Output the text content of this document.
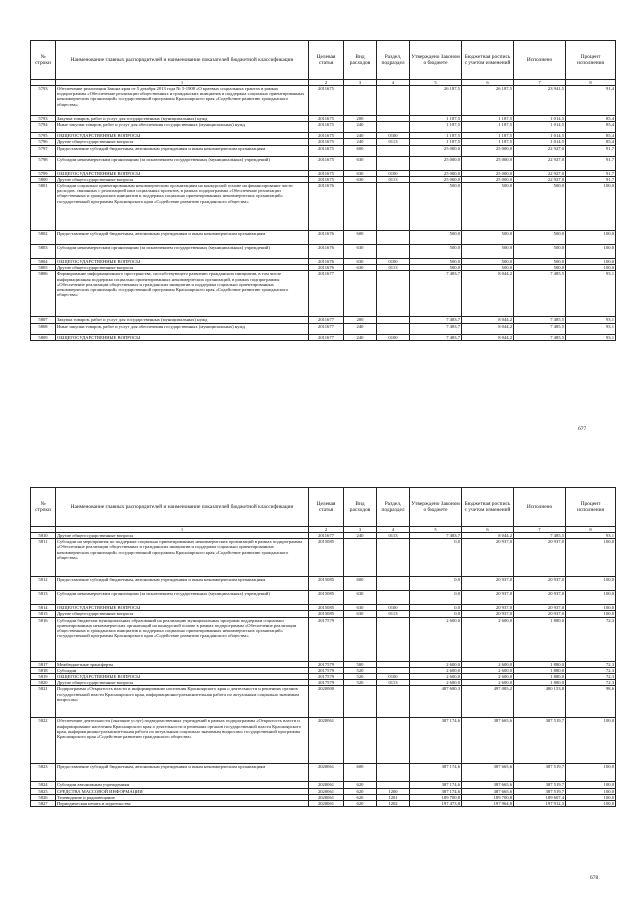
№ строки	Наименование главных распорядителей и наименование показателей бюджетной классификации	Целевая статья	Вид расходов	Раздел, подраздел	Утверждено Законом о бюджете	Бюджетная роспись с учетом изменений	Исполнено	Процент исполнения
	1	2	3	4	5	6	7	8
5793	Обеспечение реализации Закона края от 5 декабря 2013 года № 5-1908 «О краевых социальных грантах в рамках подпрограммы «Обеспечение реализации общественных и гражданских инициатив и поддержка социально ориентированных некоммерческих организаций» государственной программы Красноярского края «Содействие развитию гражданского общества»	2011675			26 187,5	26 187,5	23 941,5	91,4
5793	Закупка товаров, работ и услуг для государственных (муниципальных) нужд	2011675	200		1 187,5	1 187,5	1 014,5	85,4
5794	Иные закупки товаров, работ и услуг для обеспечения государственных (муниципальных) нужд	2011675	240		1 187,5	1 187,5	1 014,5	85,4
5795	ОБЩЕГОСУДАРСТВЕННЫЕ ВОПРОСЫ	2011675	240	0100	1 187,5	1 187,5	1 014,5	85,4
5796	Другие общегосударственные вопросы	2011675	240	0113	1 187,5	1 187,5	1 014,5	85,4
5797	Предоставление субсидий бюджетным, автономным учреждениям и иным некоммерческим организациям	2011675	600		25 000,0	25 000,0	22 927,0	91,7
5798	Субсидии некоммерческим организациям (за исключением государственных (муниципальных) учреждений)	2011675	630		25 000,0	25 000,0	22 927,0	91,7
5799	ОБЩЕГОСУДАРСТВЕННЫЕ ВОПРОСЫ	2011675	630	0100	25 000,0	25 000,0	22 927,0	91,7
5800	Другие общегосударственные вопросы	2011675	630	0113	25 000,0	25 000,0	22 927,0	91,7
5801	Субсидии социально ориентированным некоммерческим организациям на конкурсной основе на финансирование части расходов, связанных с реализацией ими социальных проектов, в рамках подпрограммы «Обеспечение реализации общественных и гражданских инициатив и поддержка социально ориентированных некоммерческих организаций» государственной программы Красноярского края «Содействие развитию гражданского общества»	2011676			500,0	500,0	500,0	100,0
5802	Предоставление субсидий бюджетным, автономным учреждениям и иным некоммерческим организациям	2011676	600		500,0	500,0	500,0	100,0
5803	Субсидии некоммерческим организациям (за исключением государственных (муниципальных) учреждений)	2011676	630		500,0	500,0	500,0	100,0
5804	ОБЩЕГОСУДАРСТВЕННЫЕ ВОПРОСЫ	2011676	630	0100	500,0	500,0	500,0	100,0
5805	Другие общегосударственные вопросы	2011676	630	0113	500,0	500,0	500,0	100,0
5806	Формирование информационного пространства, способствующего развитию гражданских инициатив, в том числе информационная поддержка социально ориентированных некоммерческих организаций, в рамках подпрограммы «Обеспечение реализации общественных и гражданских инициатив и поддержка социально ориентированных некоммерческих организаций» государственной программы Красноярского края «Содействие развитию гражданского общества»	2011677			7 483,7	8 044,2	7 485,5	93,1
5807	Закупка товаров, работ и услуг для государственных (муниципальных) нужд	2011677	200		7 483,7	8 044,2	7 485,5	93,1
5808	Иные закупки товаров, работ и услуг для обеспечения государственных (муниципальных) нужд	2011677	240		7 483,7	8 044,2	7 485,5	93,1
5809	ОБЩЕГОСУДАРСТВЕННЫЕ ВОПРОСЫ	2011677	240	0100	7 483,7	8 044,2	7 485,5	93,1
677
№ строки	Наименование главных распорядителей и наименование показателей бюджетной классификации	Целевая статья	Вид расходов	Раздел, подраздел	Утверждено Законом о бюджете	Бюджетная роспись с учетом изменений	Исполнено	Процент исполнения
	1	2	3	4	5	6	7	8
5810	Другие общегосударственные вопросы	2011677	240	0113	7 483,7	8 044,2	7 485,5	93,1
5811	Субсидии на мероприятия по поддержке социально ориентированных некоммерческих организаций в рамках подпрограммы «Обеспечение реализации общественных и гражданских инициатив и поддержка социально ориентированных некоммерческих организаций» государственной программы Красноярского края «Содействие развитию гражданского общества»	2015085			0,0	20 937,0	20 937,0	100,0
5812	Предоставление субсидий бюджетным, автономным учреждениям и иным некоммерческим организациям	2015085	600		0,0	20 937,0	20 937,0	100,0
5813	Субсидии некоммерческим организациям (за исключением государственных (муниципальных) учреждений)	2015085	630		0,0	20 937,0	20 937,0	100,0
5814	ОБЩЕГОСУДАРСТВЕННЫЕ ВОПРОСЫ	2015085	630	0100	0,0	20 937,0	20 937,0	100,0
5815	Другие общегосударственные вопросы	2015085	630	0113	0,0	20 937,0	20 937,0	100,0
5816	Субсидии бюджетам муниципальных образований на реализацию муниципальных программ поддержки социально ориентированных некоммерческих организаций на конкурсной основе в рамках подпрограммы «Обеспечение реализации общественных и гражданских инициатив и поддержка социально ориентированных некоммерческих организаций» государственной программы Красноярского края «Содействие развитию гражданского общества»	2017579			2 600,0	2 600,0	1 880,0	72,3
5817	Межбюджетные трансферты	2017579	500		2 600,0	2 600,0	1 880,0	72,3
5818	Субсидии	2017579	520		2 600,0	2 600,0	1 880,0	72,3
5819	ОБЩЕГОСУДАРСТВЕННЫЕ ВОПРОСЫ	2017579	520	0100	2 600,0	2 600,0	1 880,0	72,3
5820	Другие общегосударственные вопросы	2017579	520	0113	2 600,0	2 600,0	1 880,0	72,3
5821	Подпрограмма «Открытость власти и информирование населения Красноярского края о деятельности и решениях органов государственной власти Красноярского края, информационно-разъяснительная работа по актуальным социально значимым вопросам»	2020000			487 680,3	497 085,2	480 153,8	98,6
5822	Обеспечение деятельности (оказание услуг) подведомственных учреждений в рамках подпрограммы «Открытость власти и информирование населения Красноярского края о деятельности и решениях органов государственной власти Красноярского края, информационно-разъяснительная работа по актуальным социально значимым вопросам» государственной программы Красноярского края «Содействие развитию гражданского общества»	2020061			387 174,6	387 665,6	387 519,7	100,0
5823	Предоставление субсидий бюджетным, автономным учреждениям и иным некоммерческим организациям	2020061	600		387 174,6	387 665,6	387 519,7	100,0
5824	Субсидии автономным учреждениям	2020061	620		387 174,6	387 665,6	387 519,7	100,0
5825	СРЕДСТВА МАССОВОЙ ИНФОРМАЦИИ	2020061	620	1200	387 174,6	387 665,6	387 519,7	100,0
5826	Телевидение и радиовещание	2020061	620	1201	189 700,8	189 700,8	189 607,4	100,0
5827	Периодическая печать и издательства	2020061	620	1202	197 473,8	197 964,8	197 912,3	100,0
678
